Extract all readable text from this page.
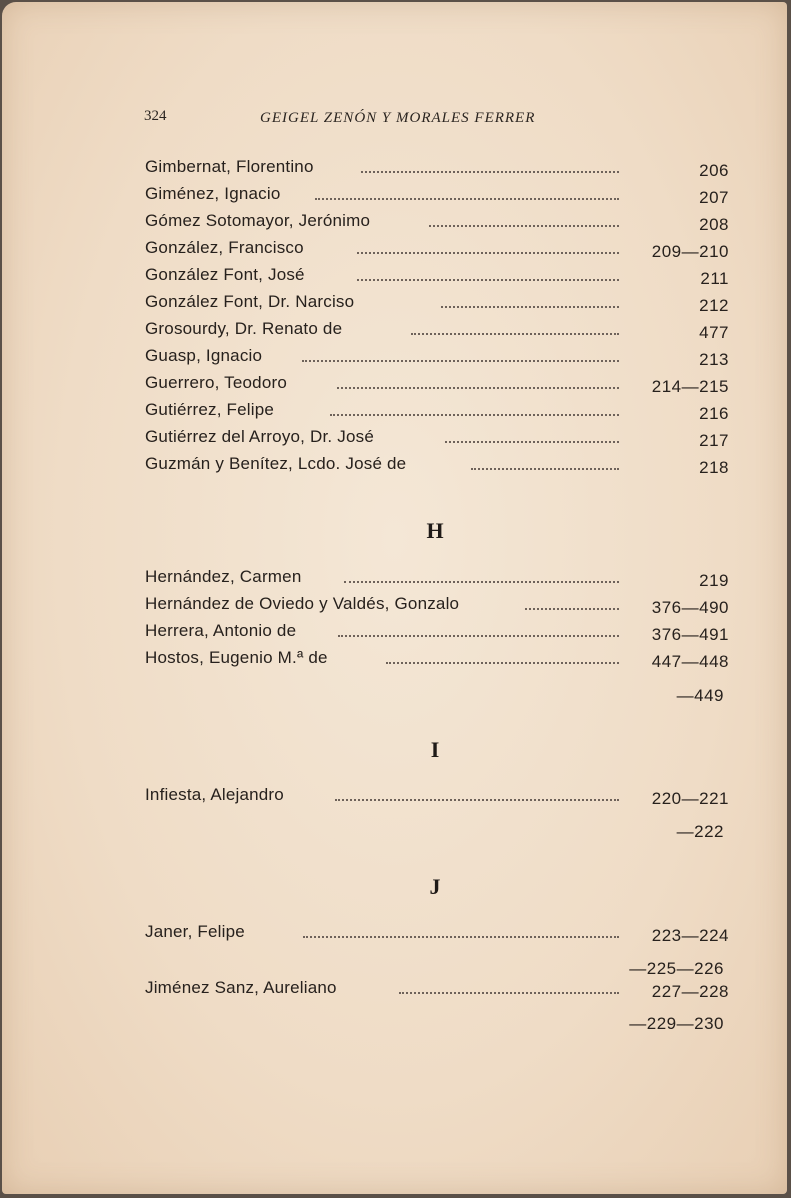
324	GEIGEL ZENÓN Y MORALES FERRER
Gimbernat, Florentino	206
Giménez, Ignacio	207
Gómez Sotomayor, Jerónimo	208
González, Francisco	209—210
González Font, José	211
González Font, Dr. Narciso	212
Grosourdy, Dr. Renato de	477
Guasp, Ignacio	213
Guerrero, Teodoro	214—215
Gutiérrez, Felipe	216
Gutiérrez del Arroyo, Dr. José	217
Guzmán y Benítez, Lcdo. José de	218
H
Hernández, Carmen	219
Hernández de Oviedo y Valdés, Gonzalo	376—490
Herrera, Antonio de	376—491
Hostos, Eugenio M.ª de	447—448
—449
I
Infiesta, Alejandro	220—221
—222
J
Janer, Felipe	223—224
—225—226
Jiménez Sanz, Aureliano	227—228
—229—230
